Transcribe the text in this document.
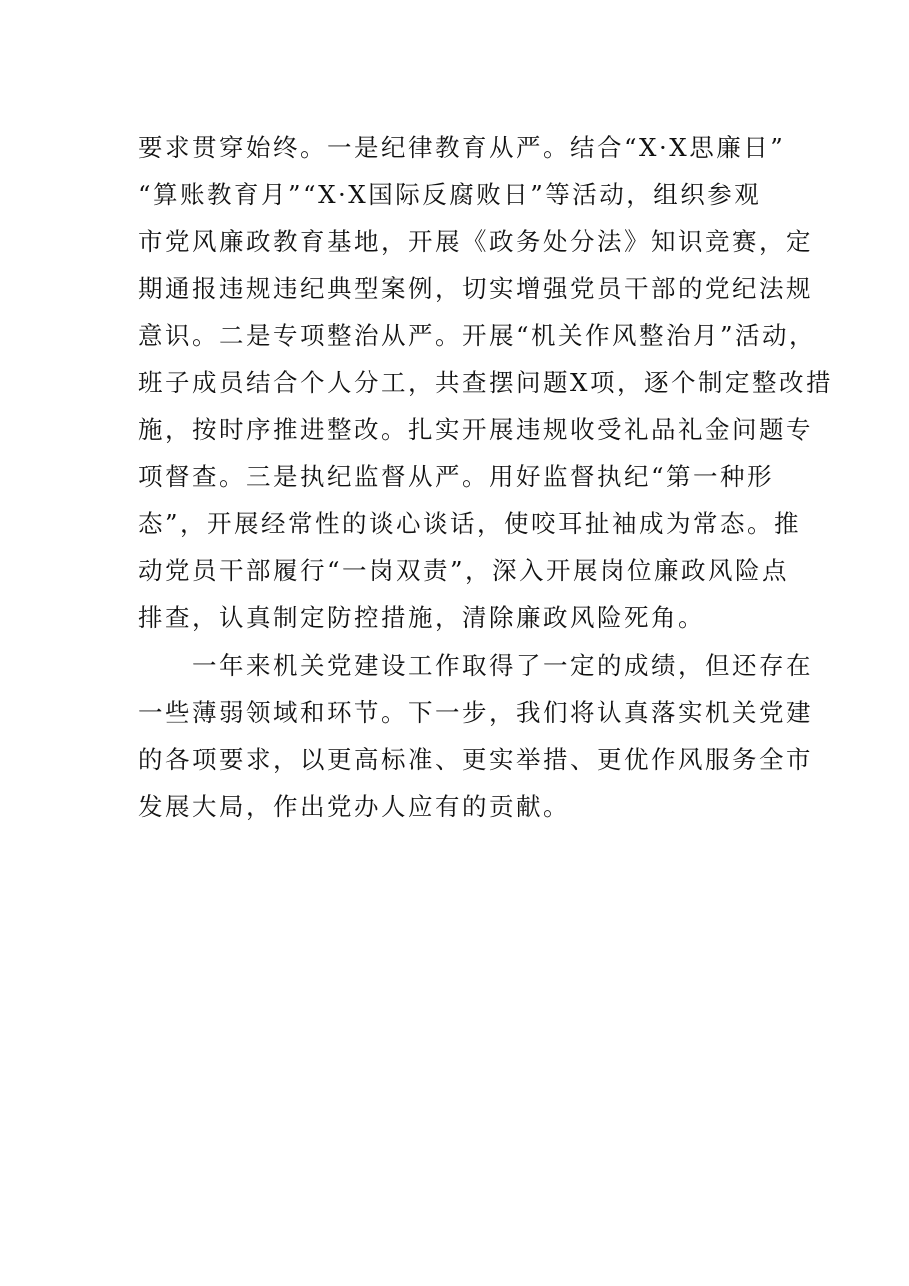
要求贯穿始终。一是纪律教育从严。结合“X·X思廉日”
“算账教育月”“X·X国际反腐败日”等活动，组织参观
市党风廉政教育基地，开展《政务处分法》知识竞赛，定
期通报违规违纪典型案例，切实增强党员干部的党纪法规
意识。二是专项整治从严。开展“机关作风整治月”活动，
班子成员结合个人分工，共查摆问题X项，逐个制定整改措
施，按时序推进整改。扎实开展违规收受礼品礼金问题专
项督查。三是执纪监督从严。用好监督执纪“第一种形
态”，开展经常性的谈心谈话，使咬耳扯袖成为常态。推
动党员干部履行“一岗双责”，深入开展岗位廉政风险点
排查，认真制定防控措施，清除廉政风险死角。
　　一年来机关党建设工作取得了一定的成绩，但还存在
一些薄弱领域和环节。下一步，我们将认真落实机关党建
的各项要求，以更高标准、更实举措、更优作风服务全市
发展大局，作出党办人应有的贡献。
